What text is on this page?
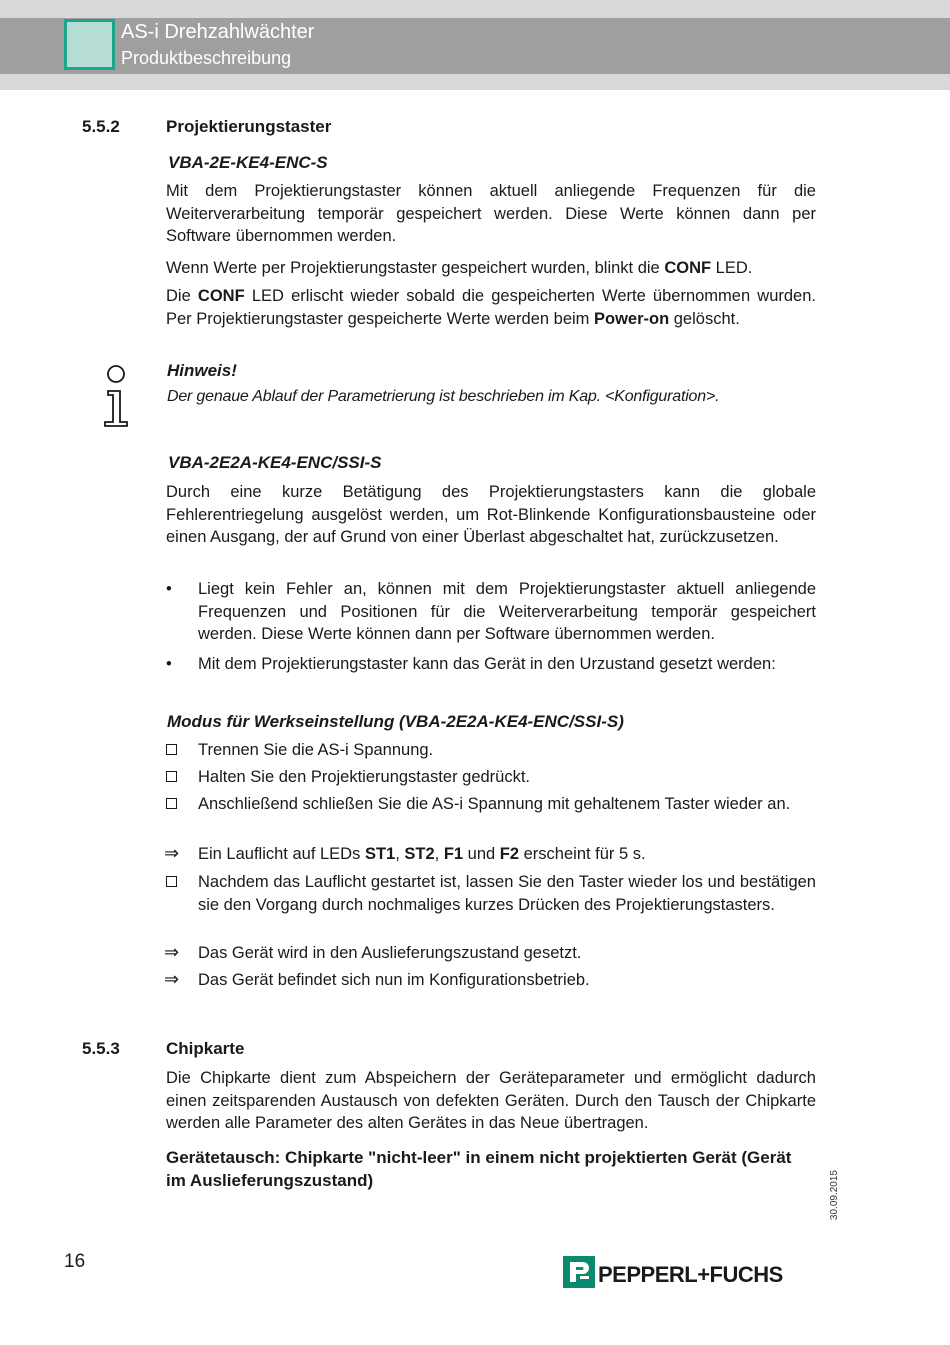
AS-i Drehzahlwächter
Produktbeschreibung
5.5.2	Projektierungstaster
VBA-2E-KE4-ENC-S
Mit dem Projektierungstaster können aktuell anliegende Frequenzen für die Weiterverarbeitung temporär gespeichert werden. Diese Werte können dann per Software übernommen werden.
Wenn Werte per Projektierungstaster gespeichert wurden, blinkt die CONF LED.
Die CONF LED erlischt wieder sobald die gespeicherten Werte übernommen wurden. Per Projektierungstaster gespeicherte Werte werden beim Power-on gelöscht.
Hinweis!
Der genaue Ablauf der Parametrierung ist beschrieben im Kap. <Konfiguration>.
VBA-2E2A-KE4-ENC/SSI-S
Durch eine kurze Betätigung des Projektierungstasters kann die globale Fehlerentriegelung ausgelöst werden, um Rot-Blinkende Konfigurationsbausteine oder einen Ausgang, der auf Grund von einer Überlast abgeschaltet hat, zurückzusetzen.
• Liegt kein Fehler an, können mit dem Projektierungstaster aktuell anliegende Frequenzen und Positionen für die Weiterverarbeitung temporär gespeichert werden. Diese Werte können dann per Software übernommen werden.
• Mit dem Projektierungstaster kann das Gerät in den Urzustand gesetzt werden:
Modus für Werkseinstellung (VBA-2E2A-KE4-ENC/SSI-S)
Trennen Sie die AS-i Spannung.
Halten Sie den Projektierungstaster gedrückt.
Anschließend schließen Sie die AS-i Spannung mit gehaltenem Taster wieder an.
⇒ Ein Lauflicht auf LEDs ST1, ST2, F1 und F2 erscheint für 5 s.
Nachdem das Lauflicht gestartet ist, lassen Sie den Taster wieder los und bestätigen sie den Vorgang durch nochmaliges kurzes Drücken des Projektierungstasters.
⇒ Das Gerät wird in den Auslieferungszustand gesetzt.
⇒ Das Gerät befindet sich nun im Konfigurationsbetrieb.
5.5.3	Chipkarte
Die Chipkarte dient zum Abspeichern der Geräteparameter und ermöglicht dadurch einen zeitsparenden Austausch von defekten Geräten. Durch den Tausch der Chipkarte werden alle Parameter des alten Gerätes in das Neue übertragen.
Gerätetausch: Chipkarte "nicht-leer" in einem nicht projektierten Gerät (Gerät im Auslieferungszustand)	30.09.2015
16
PEPPERL+FUCHS
